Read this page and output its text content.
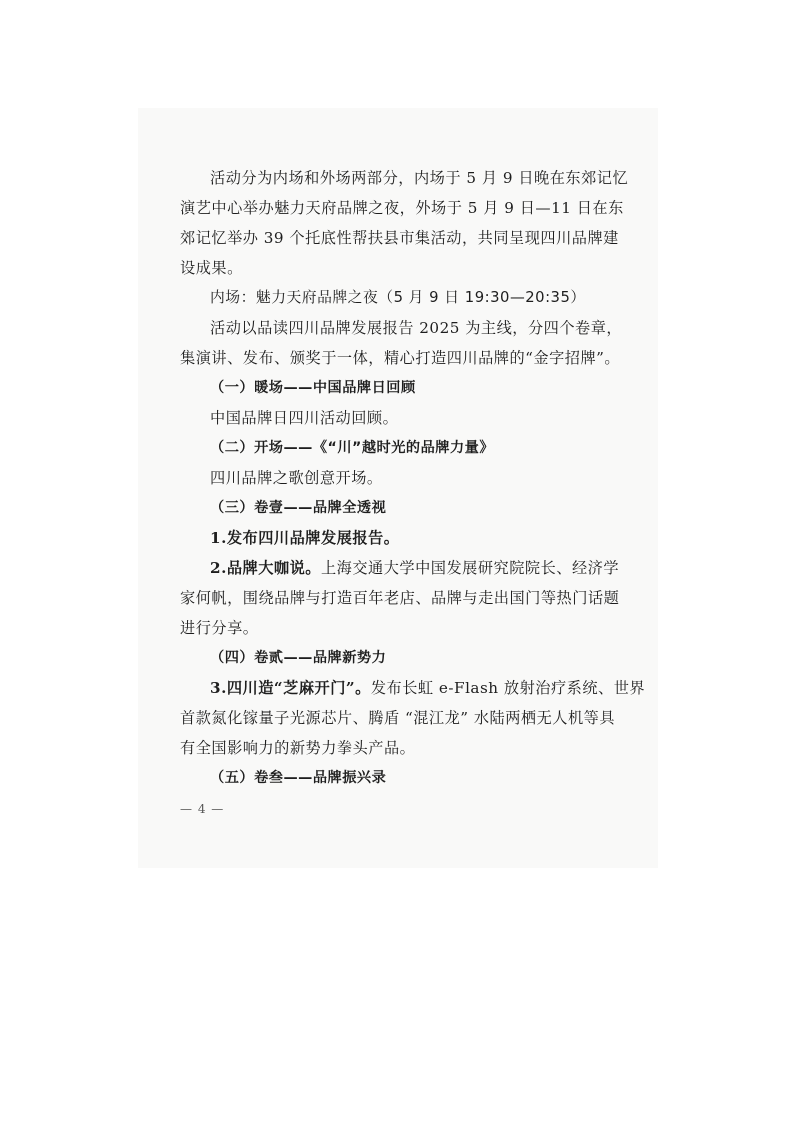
活动分为内场和外场两部分，内场于 5 月 9 日晚在东郊记忆
演艺中心举办魅力天府品牌之夜，外场于 5 月 9 日—11 日在东
郊记忆举办 39 个托底性帮扶县市集活动，共同呈现四川品牌建
设成果。

内场：魅力天府品牌之夜（5 月 9 日 19:30—20:35）

活动以品读四川品牌发展报告 2025 为主线，分四个卷章，
集演讲、发布、颁奖于一体，精心打造四川品牌的“金字招牌”。

（一）暖场——中国品牌日回顾

中国品牌日四川活动回顾。

（二）开场——《“川”越时光的品牌力量》

四川品牌之歌创意开场。

（三）卷壹——品牌全透视

1.发布四川品牌发展报告。

2.品牌大咖说。上海交通大学中国发展研究院院长、经济学
家何帆，围绕品牌与打造百年老店、品牌与走出国门等热门话题
进行分享。

（四）卷贰——品牌新势力

3.四川造“芝麻开门”。发布长虹 e-Flash 放射治疗系统、世界
首款氮化镓量子光源芯片、腾盾 “混江龙” 水陆两栖无人机等具
有全国影响力的新势力拳头产品。

（五）卷叁——品牌振兴录

— 4 —
